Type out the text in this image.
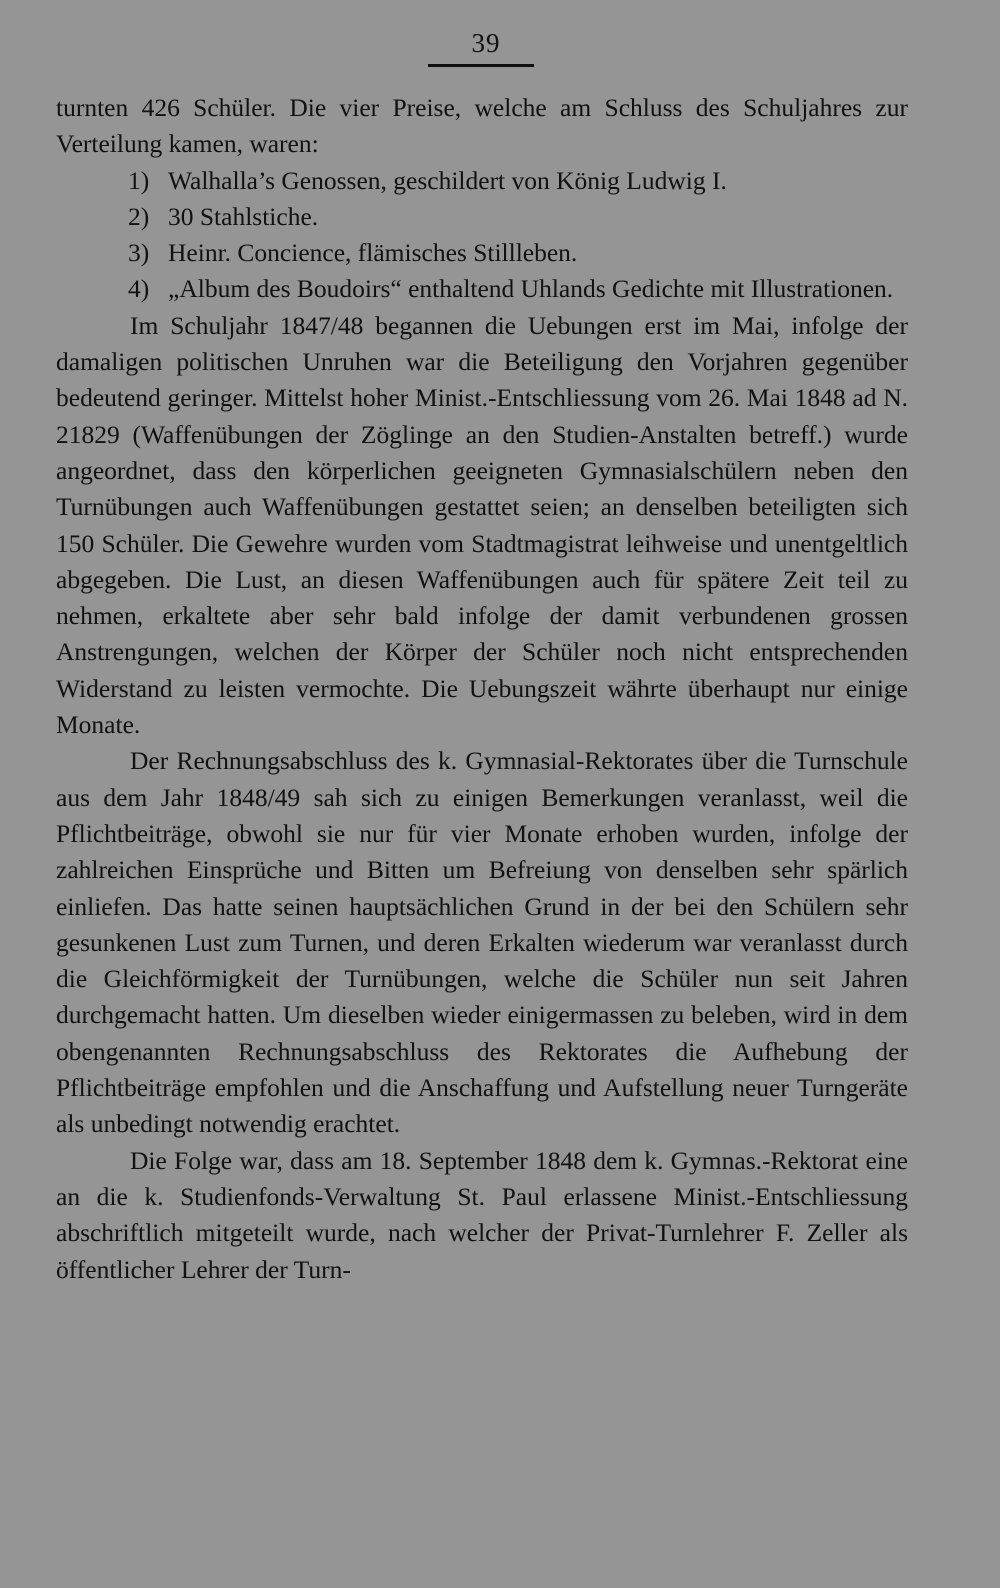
39

turnten 426 Schüler. Die vier Preise, welche am Schluss des Schuljahres zur Verteilung kamen, waren:

1) Walhalla’s Genossen, geschildert von König Ludwig I.
2) 30 Stahlstiche.
3) Heinr. Concience, flämisches Stillleben.
4) „Album des Boudoirs“ enthaltend Uhlands Gedichte mit Illustrationen.

Im Schuljahr 1847/48 begannen die Uebungen erst im Mai, infolge der damaligen politischen Unruhen war die Beteiligung den Vorjahren gegenüber bedeutend geringer. Mittelst hoher Minist.-Entschliessung vom 26. Mai 1848 ad N. 21829 (Waffenübungen der Zöglinge an den Studien-Anstalten betreff.) wurde angeordnet, dass den körperlichen geeigneten Gymnasialschülern neben den Turnübungen auch Waffenübungen gestattet seien; an denselben beteiligten sich 150 Schüler. Die Gewehre wurden vom Stadtmagistrat leihweise und unentgeltlich abgegeben. Die Lust, an diesen Waffenübungen auch für spätere Zeit teil zu nehmen, erkaltete aber sehr bald infolge der damit verbundenen grossen Anstrengungen, welchen der Körper der Schüler noch nicht entsprechenden Widerstand zu leisten vermochte. Die Uebungszeit währte überhaupt nur einige Monate.

Der Rechnungsabschluss des k. Gymnasial-Rektorates über die Turnschule aus dem Jahr 1848/49 sah sich zu einigen Bemerkungen veranlasst, weil die Pflichtbeiträge, obwohl sie nur für vier Monate erhoben wurden, infolge der zahlreichen Einsprüche und Bitten um Befreiung von denselben sehr spärlich einliefen. Das hatte seinen hauptsächlichen Grund in der bei den Schülern sehr gesunkenen Lust zum Turnen, und deren Erkalten wiederum war veranlasst durch die Gleichförmigkeit der Turnübungen, welche die Schüler nun seit Jahren durchgemacht hatten. Um dieselben wieder einigermassen zu beleben, wird in dem obengenannten Rechnungsabschluss des Rektorates die Aufhebung der Pflichtbeiträge empfohlen und die Anschaffung und Aufstellung neuer Turngeräte als unbedingt notwendig erachtet.

Die Folge war, dass am 18. September 1848 dem k. Gymnas.-Rektorat eine an die k. Studienfonds-Verwaltung St. Paul erlassene Minist.-Entschliessung abschriftlich mitgeteilt wurde, nach welcher der Privat-Turnlehrer F. Zeller als öffentlicher Lehrer der Turn-
